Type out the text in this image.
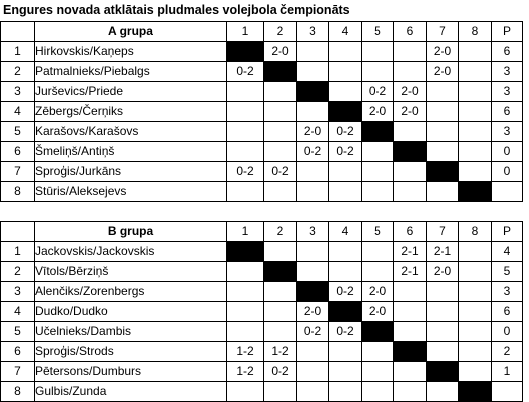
Engures novada atklātais pludmales volejbola čempionāts
	A grupa	1	2	3	4	5	6	7	8	P
1	Hirkovskis/Kaņeps		2-0					2-0		6
2	Patmalnieks/Piebalgs	0-2						2-0		3
3	Jurševics/Priede					0-2	2-0			3
4	Zēbergs/Čerņiks					2-0	2-0			6
5	Karašovs/Karašovs			2-0	0-2					3
6	Šmeliņš/Antiņš			0-2	0-2					0
7	Sproģis/Jurkāns	0-2	0-2							0
8	Stūris/Aleksejevs									
	B grupa	1	2	3	4	5	6	7	8	P
1	Jackovskis/Jackovskis						2-1	2-1		4
2	Vītols/Bērziņš						2-1	2-0		5
3	Alenčiks/Zorenbergs				0-2	2-0				3
4	Dudko/Dudko			2-0		2-0				6
5	Učelnieks/Dambis			0-2	0-2					0
6	Sproģis/Strods	1-2	1-2							2
7	Pētersons/Dumburs	1-2	0-2							1
8	Gulbis/Zunda									
